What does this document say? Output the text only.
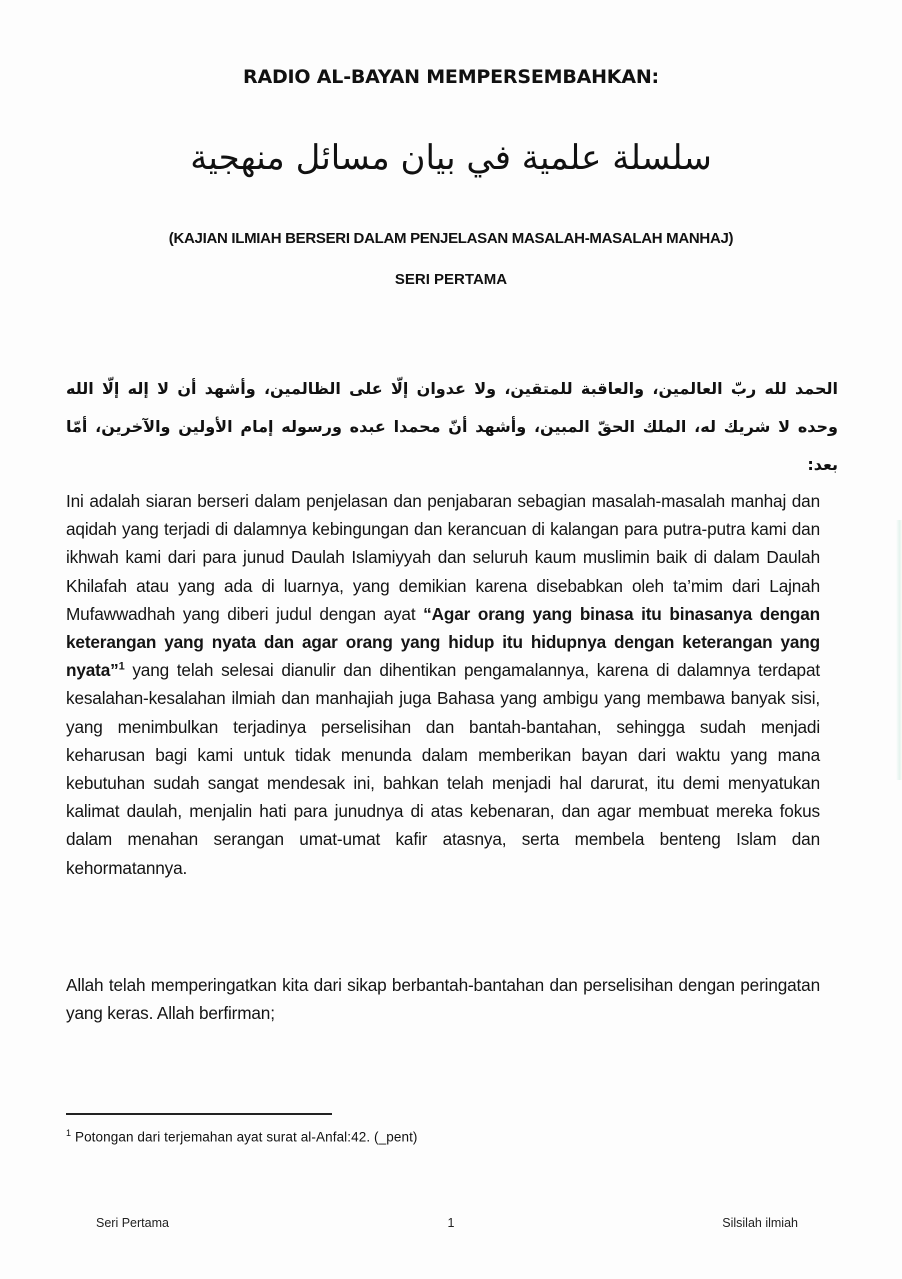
RADIO AL-BAYAN MEMPERSEMBAHKAN:
سلسلة علمية في بيان مسائل منهجية
(KAJIAN ILMIAH BERSERI DALAM PENJELASAN MASALAH-MASALAH MANHAJ)
SERI PERTAMA
الحمد لله ربّ العالمين، والعاقبة للمتقين، ولا عدوان إلّا على الظالمين، وأشهد أن لا إله إلّا الله وحده لا شريك له، الملك الحقّ المبين، وأشهد أنّ محمدا عبده ورسوله إمام الأولين والآخرين، أمّا بعد:
Ini adalah siaran berseri dalam penjelasan dan penjabaran sebagian masalah-masalah manhaj dan aqidah yang terjadi di dalamnya kebingungan dan kerancuan di kalangan para putra-putra kami dan ikhwah kami dari para junud Daulah Islamiyyah dan seluruh kaum muslimin baik di dalam Daulah Khilafah atau yang ada di luarnya, yang demikian karena disebabkan oleh ta’mim dari Lajnah Mufawwadhah yang diberi judul dengan ayat “Agar orang yang binasa itu binasanya dengan keterangan yang nyata dan agar orang yang hidup itu hidupnya dengan keterangan yang nyata”$^1$ yang telah selesai dianulir dan dihentikan pengamalannya, karena di dalamnya terdapat kesalahan-kesalahan ilmiah dan manhajiah juga Bahasa yang ambigu yang membawa banyak sisi, yang menimbulkan terjadinya perselisihan dan bantah-bantahan, sehingga sudah menjadi keharusan bagi kami untuk tidak menunda dalam memberikan bayan dari waktu yang mana kebutuhan sudah sangat mendesak ini, bahkan telah menjadi hal darurat, itu demi menyatukan kalimat daulah, menjalin hati para junudnya di atas kebenaran, dan agar membuat mereka fokus dalam menahan serangan umat-umat kafir atasnya, serta membela benteng Islam dan kehormatannya.
Allah telah memperingatkan kita dari sikap berbantah-bantahan dan perselisihan dengan peringatan yang keras. Allah berfirman;
$^1$ Potongan dari terjemahan ayat surat al-Anfal:42. (_pent)
Seri Pertama	1	Silsilah ilmiah
